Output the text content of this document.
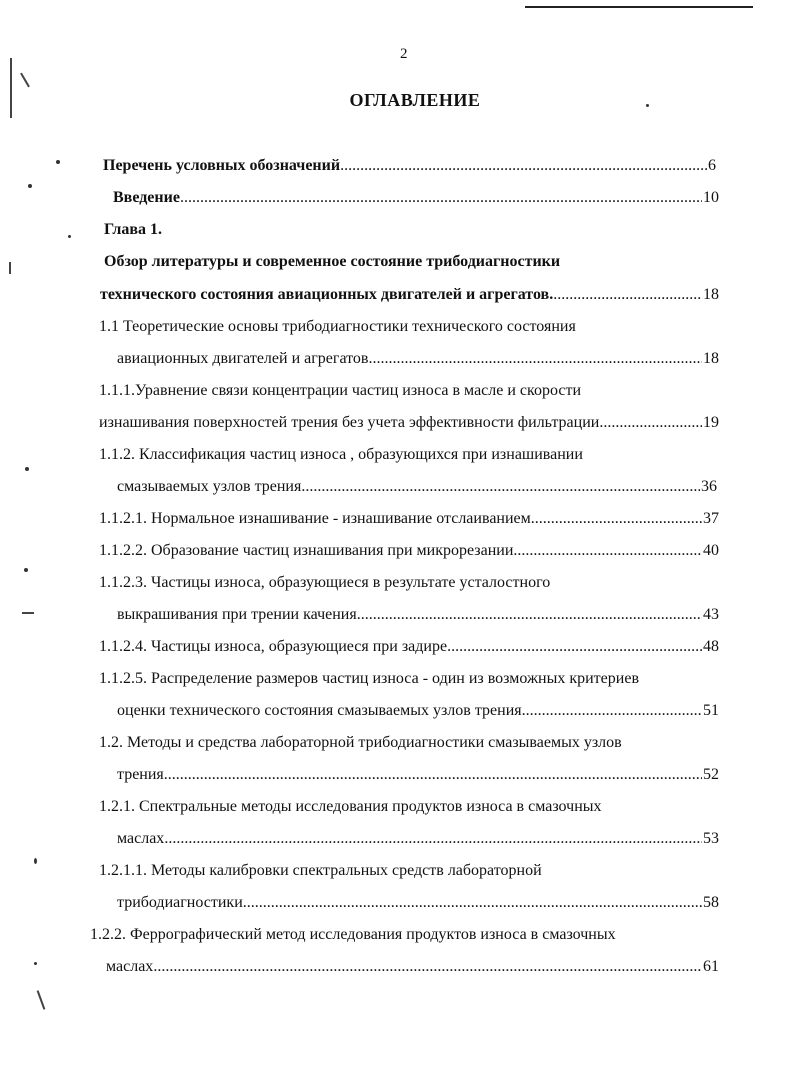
2
ОГЛАВЛЕНИЕ
Перечень условных обозначений .....	6
Введение .....	10
Глава 1.
Обзор литературы и современное состояние трибодиагностики
технического состояния авиационных двигателей и агрегатов. .....	18
1.1 Теоретические основы трибодиагностики технического состояния
авиационных двигателей и агрегатов .....	18
1.1.1.Уравнение связи концентрации частиц износа в масле и скорости
изнашивания поверхностей трения без учета эффективности фильтрации .....	19
1.1.2. Классификация частиц износа , образующихся при изнашивании
смазываемых узлов трения .....	36
1.1.2.1. Нормальное изнашивание - изнашивание отслаиванием .....	37
1.1.2.2. Образование частиц изнашивания при микрорезании .....	40
1.1.2.3. Частицы износа, образующиеся в результате усталостного
выкрашивания при трении качения .....	43
1.1.2.4. Частицы износа, образующиеся при задире .....	48
1.1.2.5. Распределение размеров частиц износа - один из возможных критериев
оценки технического состояния смазываемых узлов трения .....	51
1.2. Методы и средства лабораторной трибодиагностики смазываемых узлов
трения .....	52
1.2.1. Спектральные методы исследования продуктов износа в смазочных
маслах .....	53
1.2.1.1. Методы калибровки спектральных средств лабораторной
трибодиагностики .....	58
1.2.2. Феррографический метод исследования продуктов износа в смазочных
маслах .....	61
